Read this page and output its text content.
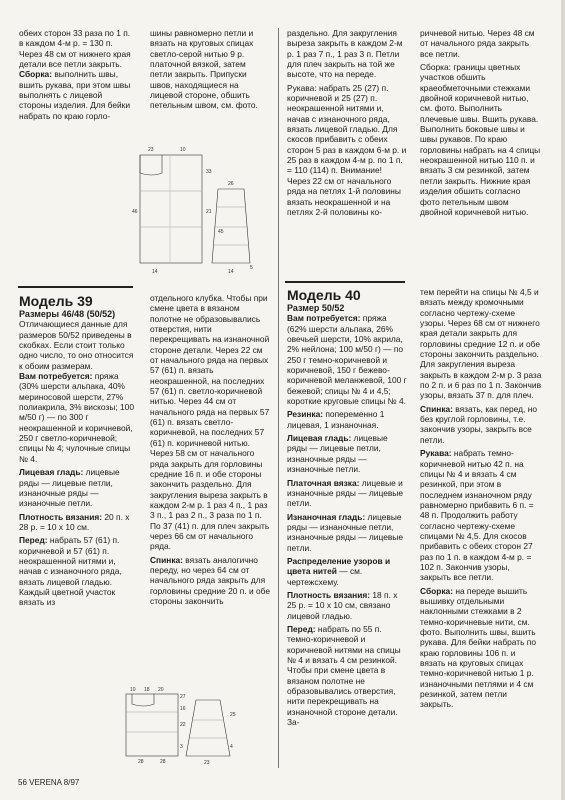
обеих сторон 33 раза по 1 п. в каждом 4-м р. = 130 п. Через 48 см от нижнего края детали все петли закрыть.

Сборка: выполнить швы, вшить рукава, при этом швы выполнять с лицевой стороны изделия. Для бейки набрать по краю горло-

шины равномерно петли и вязать на круговых спицах светло-серой нитью 9 р. платочной вязкой, затем петли закрыть. Припуски швов, находящиеся на лицевой стороне, обшить петельным швом, см. фото.

раздельно. Для закругления выреза закрыть в каждом 2-м р. 1 раз 7 п., 1 раз 3 п. Петли для плеч закрыть на той же высоте, что на переде.

Рукава: набрать 25 (27) п. коричневой и 25 (27) п. неокрашенной нитями и, начав с изнаночного ряда, вязать лицевой гладью. Для скосов прибавить с обеих сторон 5 раз в каждом 6-м р. и 25 раз в каждом 4-м р. по 1 п. = 110 (114) п. Внимание! Через 22 см от начального ряда на петлях 1-й половины вязать неокрашенной и на петлях 2-й половины ко-

ричневой нитью. Через 48 см от начального ряда закрыть все петли.

Сборка: границы цветных участков обшить краеобметочными стежками двойной коричневой нитью, см. фото. Выполнить плечевые швы. Вшить рукава. Выполнить боковые швы и швы рукавов. По краю горловины набрать на 4 спицы неокрашенной нитью 110 п. и вязать 3 см резинкой, затем петли закрыть. Нижние края изделия обшить согласно фото петельным швом двойной коричневой нитью.

23	10
33
46	21
14
26
45
14
5

Модель 39

Размеры 46/48 (50/52)

Отличающиеся данные для размеров 50/52 приведены в скобках. Если стоит только одно число, то оно относится к обоим размерам.

Вам потребуется: пряжа (30% шерсти альпака, 40% мериносовой шерсти, 27% полиакрила, 3% вискозы; 100 м/50 г) — по 300 г неокрашенной и коричневой, 250 г светло-коричневой; спицы № 4; чулочные спицы № 4.

Лицевая гладь: лицевые ряды — лицевые петли, изнаночные ряды — изнаночные петли.

Плотность вязания: 20 п. x 28 р. = 10 x 10 см.

Перед: набрать 57 (61) п. коричневой и 57 (61) п. неокрашенной нитями и, начав с изнаночного ряда, вязать лицевой гладью. Каждый цветной участок вязать из

отдельного клубка. Чтобы при смене цвета в вязаном полотне не образовывались отверстия, нити перекрещивать на изнаночной стороне детали. Через 22 см от начального ряда на первых 57 (61) п. вязать неокрашенной, на последних 57 (61) п. светло-коричневой нитью. Через 44 см от начального ряда на первых 57 (61) п. вязать светло-коричневой, на последних 57 (61) п. коричневой нитью. Через 58 см от начального ряда закрыть для горловины средние 16 п. и обе стороны закончить раздельно. Для закругления выреза закрыть в каждом 2-м р. 1 раз 4 п., 1 раз 3 п., 1 раз 2 п., 3 раза по 1 п. По 37 (41) п. для плеч закрыть через 66 см от начального ряда.

Спинка: вязать аналогично переду, но через 64 см от начального ряда закрыть для горловины средние 20 п. и обе стороны закончить

Модель 40

Размер 50/52

Вам потребуется: пряжа (62% шерсти альпака, 26% овечьей шерсти, 10% акрила, 2% нейлона; 100 м/50 г) — по 250 г темно-коричневой и коричневой, 150 г бежево-коричневой меланжевой, 100 г бежевой; спицы № 4 и 4,5; короткие круговые спицы № 4.

Резинка: попеременно 1 лицевая, 1 изнаночная.

Лицевая гладь: лицевые ряды — лицевые петли, изнаночные ряды — изнаночные петли.

Платочная вязка: лицевые и изнаночные ряды — лицевые петли.

Изнаночная гладь: лицевые ряды — изнаночные петли, изнаночные ряды — лицевые петли.

Распределение узоров и цвета нитей — см. чертежсхему.

Плотность вязания: 18 п. x 25 р. = 10 x 10 см, связано лицевой гладью.

Перед: набрать по 55 п. темно-коричневой и коричневой нитями на спицы № 4 и вязать 4 см резинкой. Чтобы при смене цвета в вязаном полотне не образовывались отверстия, нити перекрещивать на изнаночной стороне детали. За-

тем перейти на спицы № 4,5 и вязать между кромочными согласно чертежу-схеме узоры. Через 68 см от нижнего края детали закрыть для горловины средние 12 п. и обе стороны закончить раздельно. Для закругления выреза закрыть в каждом 2-м р. 3 раза по 2 п. и 6 раз по 1 п. Закончив узоры, вязать 37 п. для плеч.

Спинка: вязать, как перед, но без круглой горловины, т.е. закончив узоры, закрыть все петли.

Рукава: набрать темно-коричневой нитью 42 п. на спицы № 4 и вязать 4 см резинкой, при этом в последнем изнаночном ряду равномерно прибавить 6 п. = 48 п. Продолжить работу согласно чертежу-схеме спицами № 4,5. Для скосов прибавить с обеих сторон 27 раз по 1 п. в каждом 4-м р. = 102 п. Закончив узоры, закрыть все петли.

Сборка: на переде вышить вышивку отдельными наклонными стежками в 2 темно-коричневые нити, см. фото. Выполнить швы, вшить рукава. Для бейки набрать по краю горловины 106 п. и вязать на круговых спицах темно-коричневой нитью 1 р. изнаночными петлями и 4 см резинкой, затем петли закрыть.

10 18 20
27
16
22
28	28
3
25
4
23
56 VERENA 8/97
